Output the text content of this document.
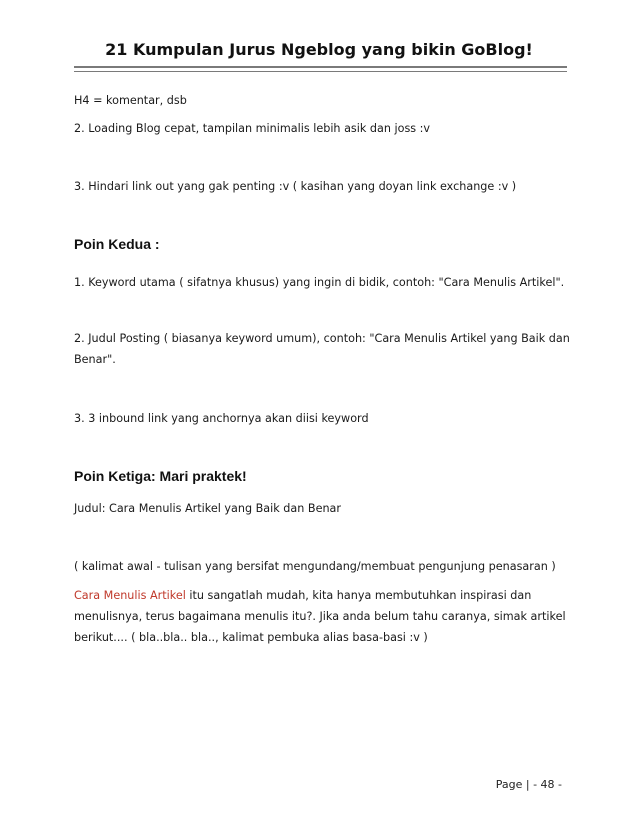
21 Kumpulan Jurus Ngeblog yang bikin GoBlog!

H4 = komentar, dsb

2. Loading Blog cepat, tampilan minimalis lebih asik dan joss :v

3. Hindari link out yang gak penting :v ( kasihan yang doyan link exchange :v )

Poin Kedua :

1. Keyword utama ( sifatnya khusus) yang ingin di bidik, contoh: "Cara Menulis Artikel".

2. Judul Posting ( biasanya keyword umum), contoh: "Cara Menulis Artikel yang Baik dan Benar".

3. 3 inbound link yang anchornya akan diisi keyword

Poin Ketiga: Mari praktek!

Judul: Cara Menulis Artikel yang Baik dan Benar

( kalimat awal - tulisan yang bersifat mengundang/membuat pengunjung penasaran )

Cara Menulis Artikel itu sangatlah mudah, kita hanya membutuhkan inspirasi dan menulisnya, terus bagaimana menulis itu?. Jika anda belum tahu caranya, simak artikel berikut.... ( bla..bla.. bla.., kalimat pembuka alias basa-basi :v )

Page | - 48 -
